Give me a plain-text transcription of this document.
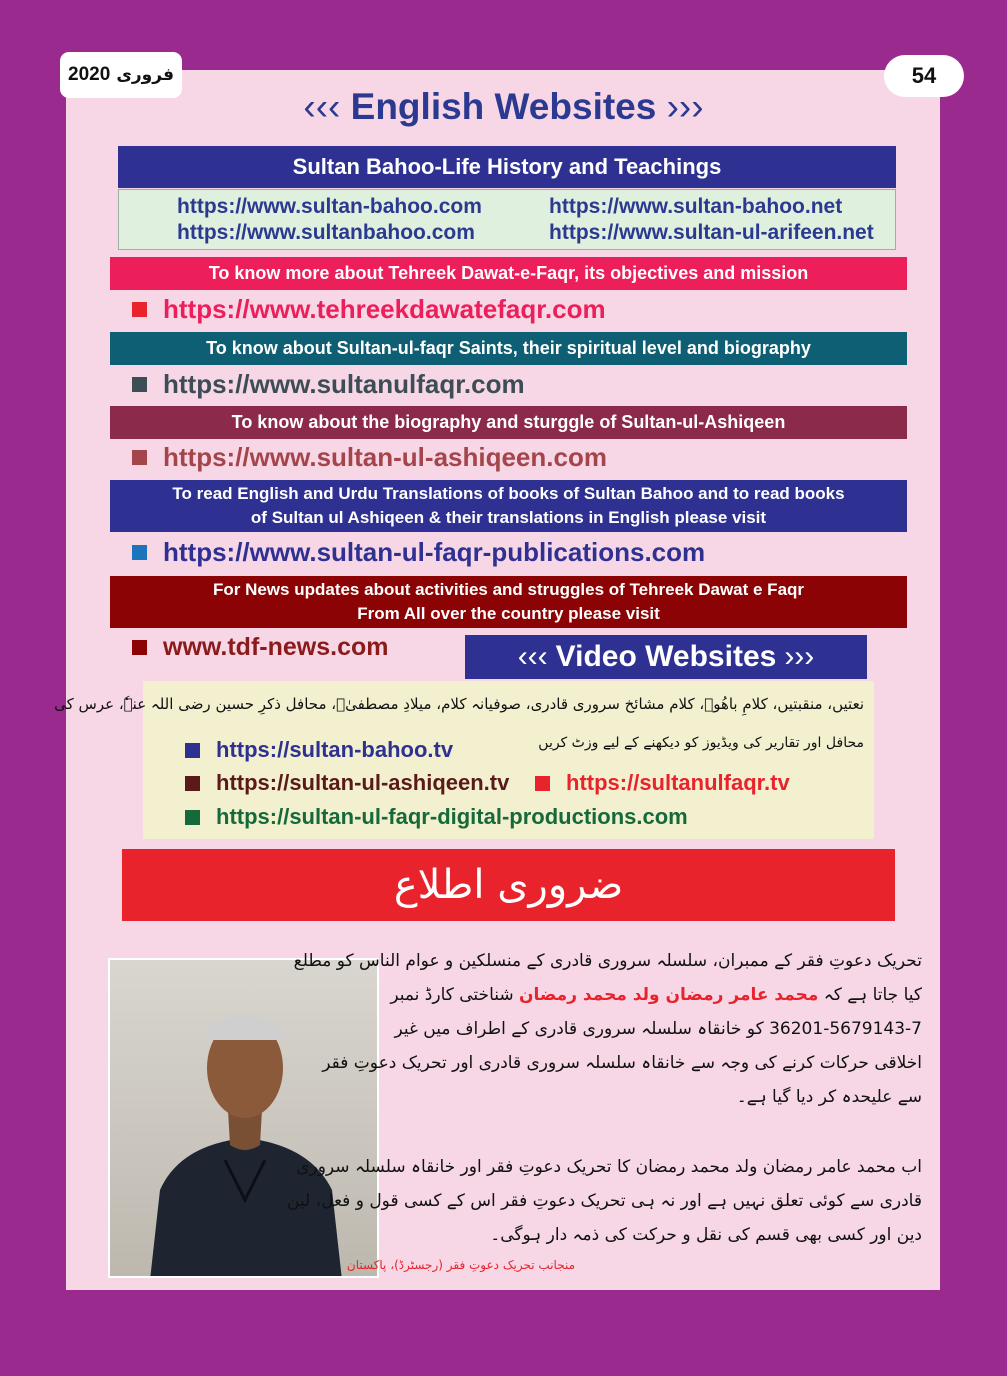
2020 فروری	54
‹‹‹ English Websites ›››
Sultan Bahoo-Life History and Teachings
https://www.sultan-bahoo.com	https://www.sultan-bahoo.net
https://www.sultanbahoo.com	https://www.sultan-ul-arifeen.net
To know more about Tehreek Dawat-e-Faqr, its objectives and mission
https://www.tehreekdawatefaqr.com
To know about Sultan-ul-faqr Saints, their spiritual level and biography
https://www.sultanulfaqr.com
To know about the biography and sturggle of Sultan-ul-Ashiqeen
https://www.sultan-ul-ashiqeen.com
To read English and Urdu Translations of books of Sultan Bahoo and to read books
of Sultan ul Ashiqeen & their translations in English please visit
https://www.sultan-ul-faqr-publications.com
For News updates about activities and struggles of Tehreek Dawat e Faqr
From All over the country please visit
www.tdf-news.com	‹‹‹ Video Websites ›››
نعتیں، منقبتیں، کلامِ باھُوؒ، کلام مشائخ سروری قادری، صوفیانہ کلام، میلادِ مصطفیٰؐ، محافل ذکرِ حسین رضی اللہ عنہٗ، عرس کی
محافل اور تقاریر کی ویڈیوز کو دیکھنے کے لیے وزٹ کریں
https://sultan-bahoo.tv
https://sultan-ul-ashiqeen.tv	https://sultanulfaqr.tv
https://sultan-ul-faqr-digital-productions.com
ضروری اطلاع
تحریک دعوتِ فقر کے ممبران، سلسلہ سروری قادری کے منسلکین و عوام الناس کو مطلع
کیا جاتا ہے کہ محمد عامر رمضان ولد محمد رمضان شناختی کارڈ نمبر
36201-5679143-7 کو خانقاہ سلسلہ سروری قادری کے اطراف میں غیر
اخلاقی حرکات کرنے کی وجہ سے خانقاہ سلسلہ سروری قادری اور تحریک دعوتِ فقر
سے علیحدہ کر دیا گیا ہے۔
اب محمد عامر رمضان ولد محمد رمضان کا تحریک دعوتِ فقر اور خانقاہ سلسلہ سروری
قادری سے کوئی تعلق نہیں ہے اور نہ ہی تحریک دعوتِ فقر اس کے کسی قول و فعل، لین
دین اور کسی بھی قسم کی نقل و حرکت کی ذمہ دار ہوگی۔
منجانب تحریک دعوتِ فقر (رجسٹرڈ)، پاکستان
